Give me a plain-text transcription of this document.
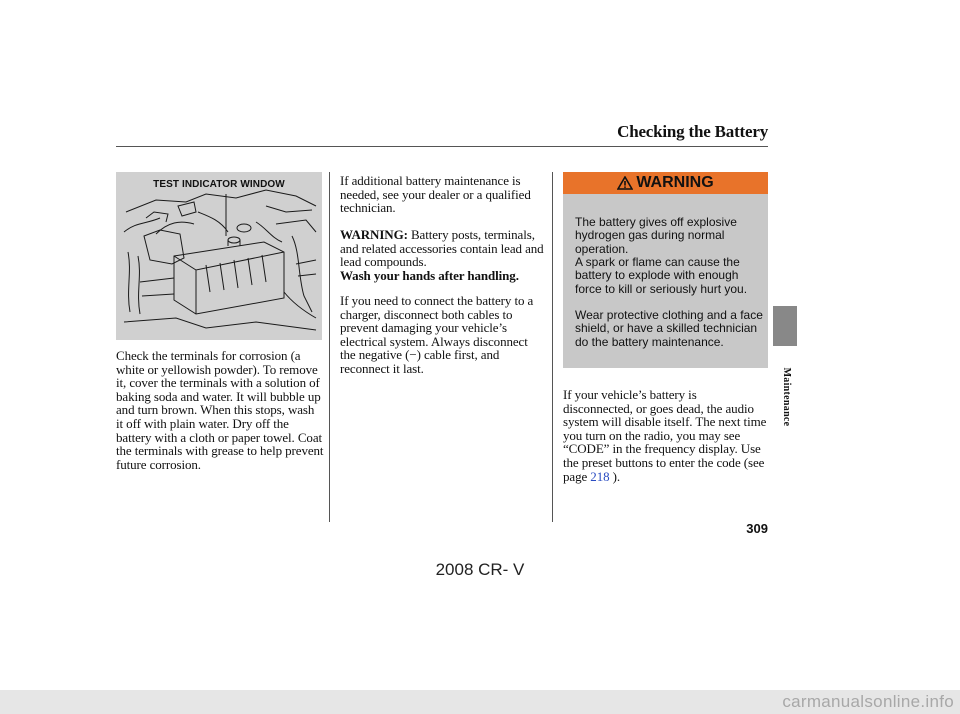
Checking the Battery
TEST INDICATOR WINDOW
Check the terminals for corrosion (a white or yellowish powder). To remove it, cover the terminals with a solution of baking soda and water. It will bubble up and turn brown. When this stops, wash it off with plain water. Dry off the battery with a cloth or paper towel. Coat the terminals with grease to help prevent future corrosion.
If additional battery maintenance is needed, see your dealer or a qualified technician.
WARNING: Battery posts, terminals, and related accessories contain lead and lead compounds.
Wash your hands after handling.
If you need to connect the battery to a charger, disconnect both cables to prevent damaging your vehicle’s electrical system. Always disconnect the negative (−) cable first, and reconnect it last.
WARNING
The battery gives off explosive hydrogen gas during normal operation.
A spark or flame can cause the battery to explode with enough force to kill or seriously hurt you.
Wear protective clothing and a face shield, or have a skilled technician do the battery maintenance.
If your vehicle’s battery is disconnected, or goes dead, the audio system will disable itself. The next time you turn on the radio, you may see “CODE” in the frequency display. Use the preset buttons to enter the code (see page 218 ).
Maintenance
309
2008 CR- V
carmanualsonline.info
